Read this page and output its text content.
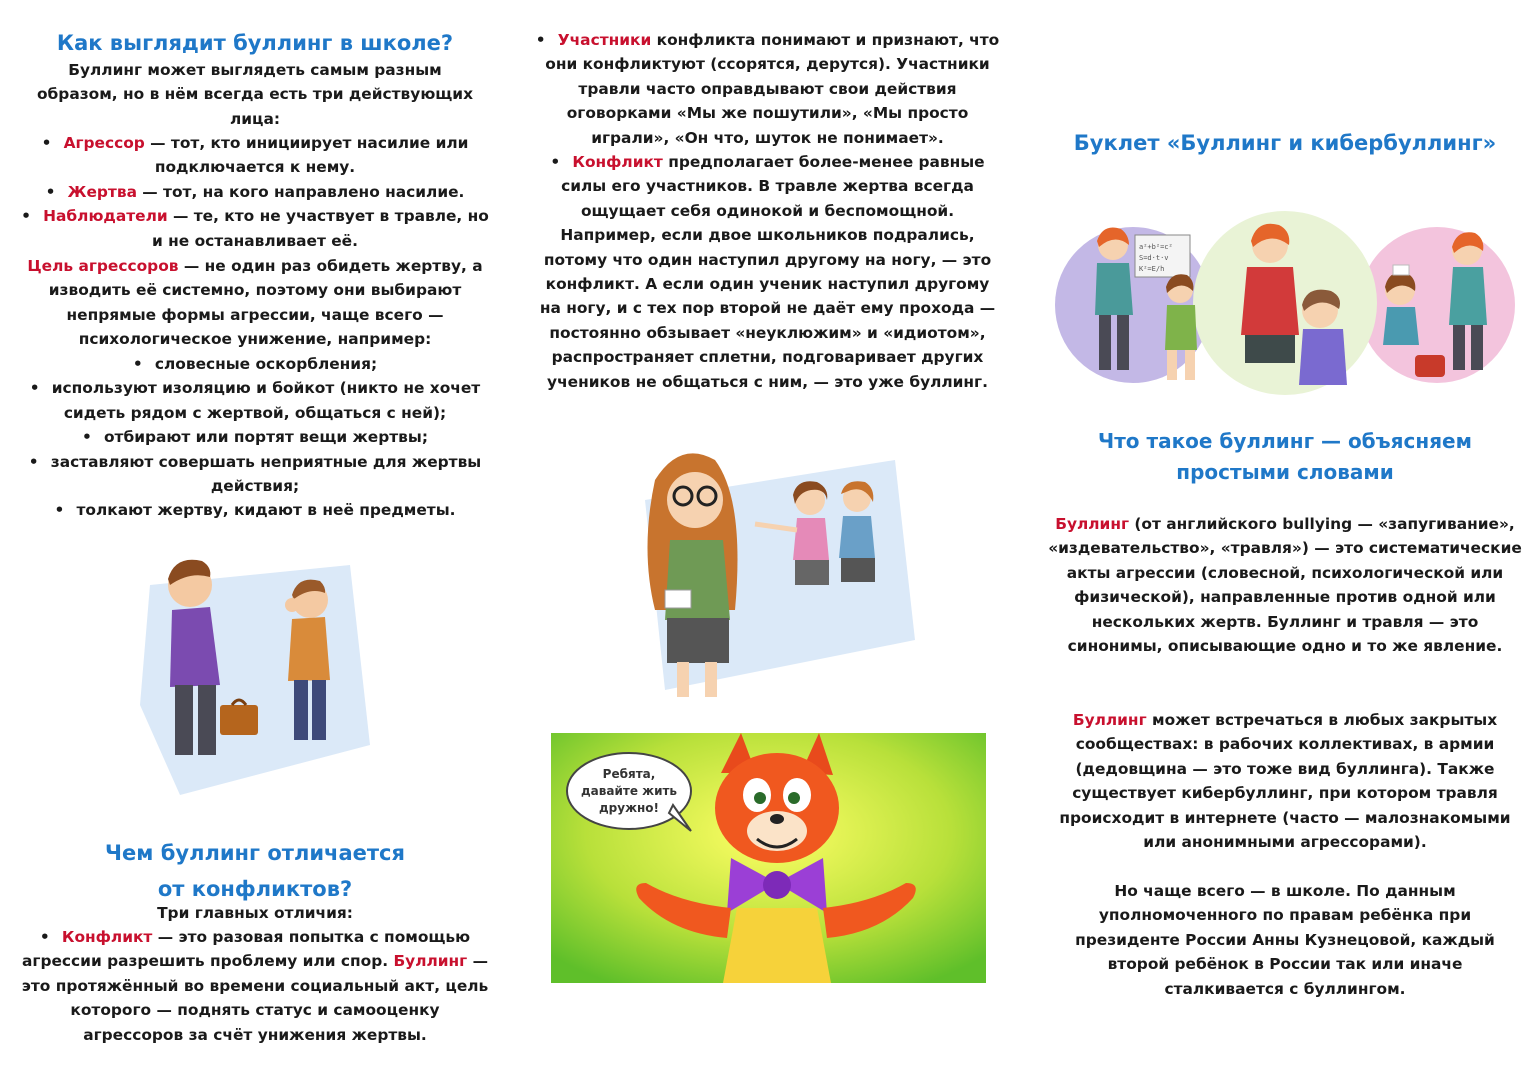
Как выглядит буллинг в школе?

Буллинг может выглядеть самым разным образом, но в нём всегда есть три действующих лица:

• Агрессор — тот, кто инициирует насилие или подключается к нему.
• Жертва — тот, на кого направлено насилие.
• Наблюдатели — те, кто не участвует в травле, но и не останавливает её.

Цель агрессоров — не один раз обидеть жертву, а изводить её системно, поэтому они выбирают непрямые формы агрессии, чаще всего — психологическое унижение, например:

• словесные оскорбления;
• используют изоляцию и бойкот (никто не хочет сидеть рядом с жертвой, общаться с ней);
• отбирают или портят вещи жертвы;
• заставляют совершать неприятные для жертвы действия;
• толкают жертву, кидают в неё предметы.
Чем буллинг отличается
от конфликтов?

Три главных отличия:

• Конфликт — это разовая попытка с помощью агрессии разрешить проблему или спор. Буллинг — это протяжённый во времени социальный акт, цель которого — поднять статус и самооценку агрессоров за счёт унижения жертвы.
• Участники конфликта понимают и признают, что они конфликтуют (ссорятся, дерутся). Участники травли часто оправдывают свои действия оговорками «Мы же пошутили», «Мы просто играли», «Он что, шуток не понимает».
• Конфликт предполагает более-менее равные силы его участников. В травле жертва всегда ощущает себя одинокой и беспомощной. Например, если двое школьников подрались, потому что один наступил другому на ногу, — это конфликт. А если один ученик наступил другому на ногу, и с тех пор второй не даёт ему прохода — постоянно обзывает «неуклюжим» и «идиотом», распространяет сплетни, подговаривает других учеников не общаться с ним, — это уже буллинг.
Ребята,
давайте жить
дружно!
Буклет «Буллинг и кибербуллинг»
a²+b²=c²
S=d·t·v
K²=E/h
Что такое буллинг — объясняем
простыми словами

Буллинг (от английского bullying — «запугивание», «издевательство», «травля») — это систематические акты агрессии (словесной, психологической или физической), направленные против одной или нескольких жертв. Буллинг и травля — это синонимы, описывающие одно и то же явление.

Буллинг может встречаться в любых закрытых сообществах: в рабочих коллективах, в армии (дедовщина — это тоже вид буллинга). Также существует кибербуллинг, при котором травля происходит в интернете (часто — малознакомыми или анонимными агрессорами).

Но чаще всего — в школе. По данным уполномоченного по правам ребёнка при президенте России Анны Кузнецовой, каждый второй ребёнок в России так или иначе сталкивается с буллингом.
